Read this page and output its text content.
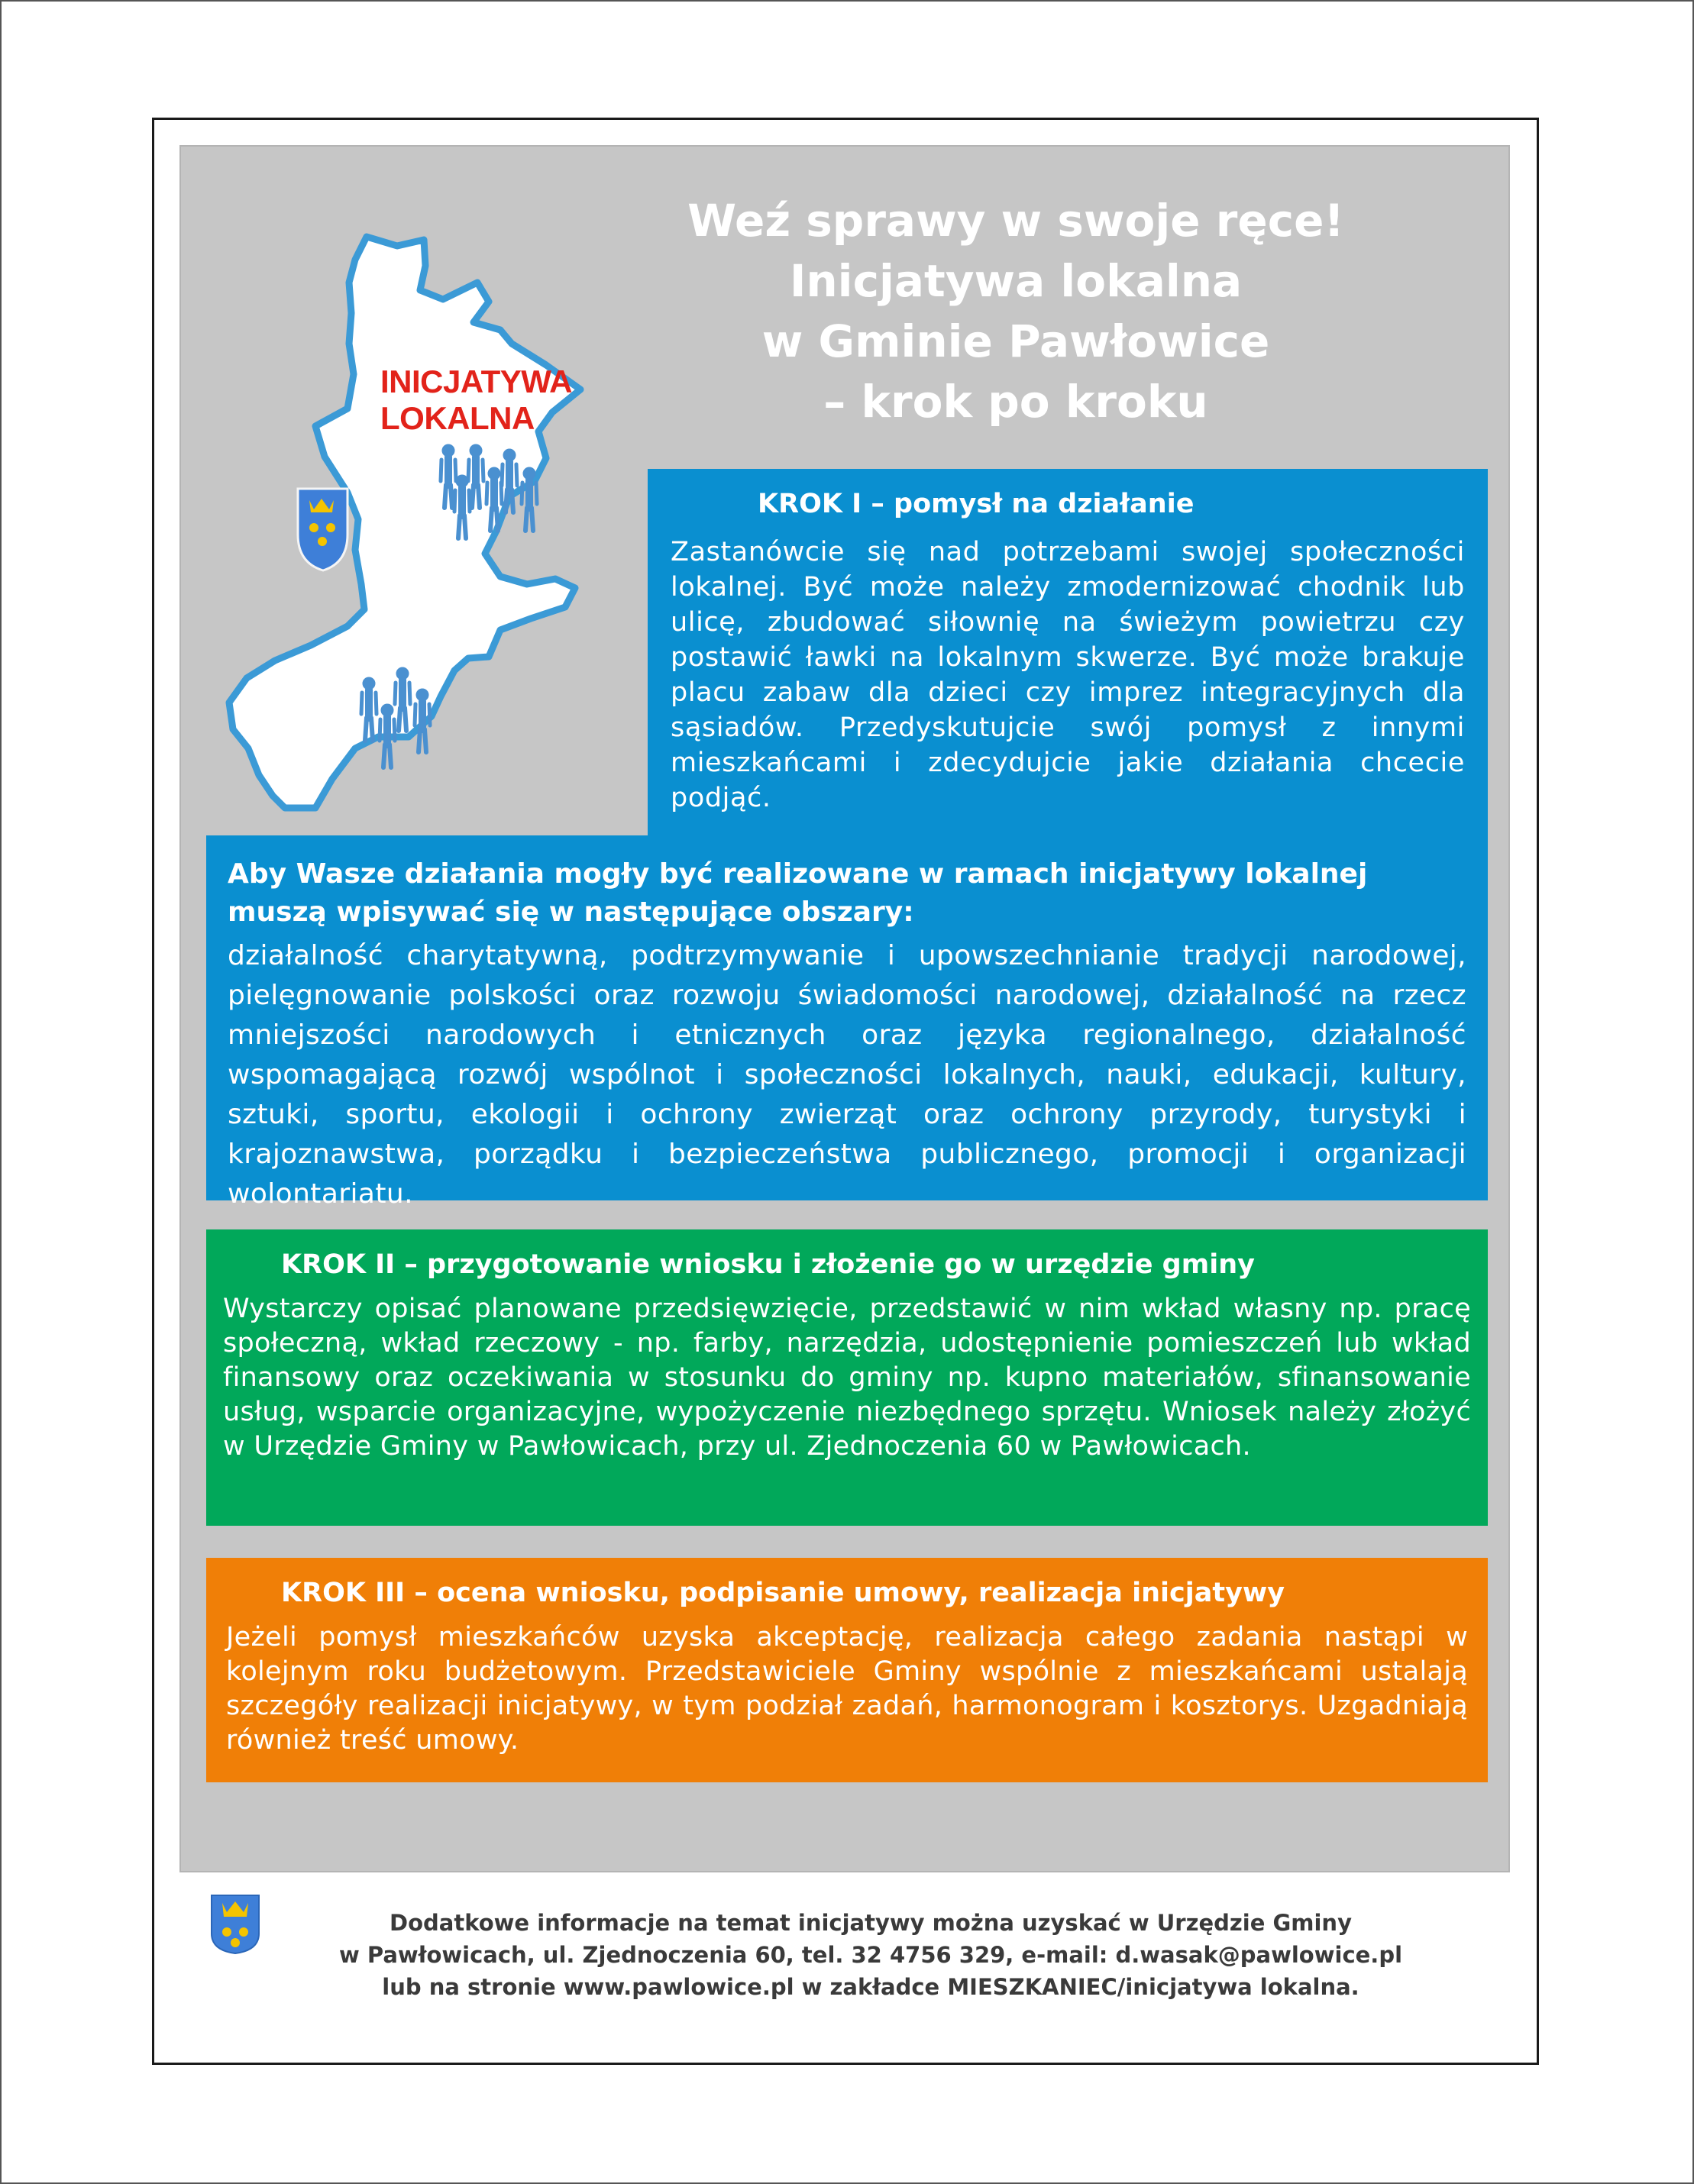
Weź sprawy w swoje ręce!
Inicjatywa lokalna
w Gminie Pawłowice
– krok po kroku
INICJATYWA
LOKALNA
KROK I – pomysł na działanie
Zastanówcie się nad potrzebami swojej społeczności lokalnej. Być może należy zmodernizować chodnik lub ulicę, zbudować siłownię na świeżym powietrzu czy postawić ławki na lokalnym skwerze. Być może brakuje placu zabaw dla dzieci czy imprez integracyjnych dla sąsiadów. Przedyskutujcie swój pomysł z innymi mieszkańcami i zdecydujcie jakie działania chcecie podjąć.
Aby Wasze działania mogły być realizowane w ramach inicjatywy lokalnej muszą wpisywać się w następujące obszary:
działalność charytatywną, podtrzymywanie i upowszechnianie tradycji narodowej, pielęgnowanie polskości oraz rozwoju świadomości narodowej, działalność na rzecz mniejszości narodowych i etnicznych oraz języka regionalnego, działalność wspomagającą rozwój wspólnot i społeczności lokalnych, nauki, edukacji, kultury, sztuki, sportu, ekologii i ochrony zwierząt oraz ochrony przyrody, turystyki i krajoznawstwa, porządku i bezpieczeństwa publicznego, promocji i organizacji wolontariatu.
KROK II – przygotowanie wniosku i złożenie go w urzędzie gminy
Wystarczy opisać planowane przedsięwzięcie, przedstawić w nim wkład własny np. pracę społeczną, wkład rzeczowy - np. farby, narzędzia, udostępnienie pomieszczeń lub wkład finansowy oraz oczekiwania w stosunku do gminy np. kupno materiałów, sfinansowanie usług, wsparcie organizacyjne, wypożyczenie niezbędnego sprzętu. Wniosek należy złożyć w Urzędzie Gminy w Pawłowicach, przy ul. Zjednoczenia 60 w Pawłowicach.
KROK III – ocena wniosku, podpisanie umowy, realizacja inicjatywy
Jeżeli pomysł mieszkańców uzyska akceptację, realizacja całego zadania nastąpi w kolejnym roku budżetowym. Przedstawiciele Gminy wspólnie z mieszkańcami ustalają szczegóły realizacji inicjatywy, w tym podział zadań, harmonogram i kosztorys. Uzgadniają również treść umowy.
Dodatkowe informacje na temat inicjatywy można uzyskać w Urzędzie Gminy
w Pawłowicach, ul. Zjednoczenia 60, tel. 32 4756 329, e-mail: d.wasak@pawlowice.pl
lub na stronie www.pawlowice.pl w zakładce MIESZKANIEC/inicjatywa lokalna.
